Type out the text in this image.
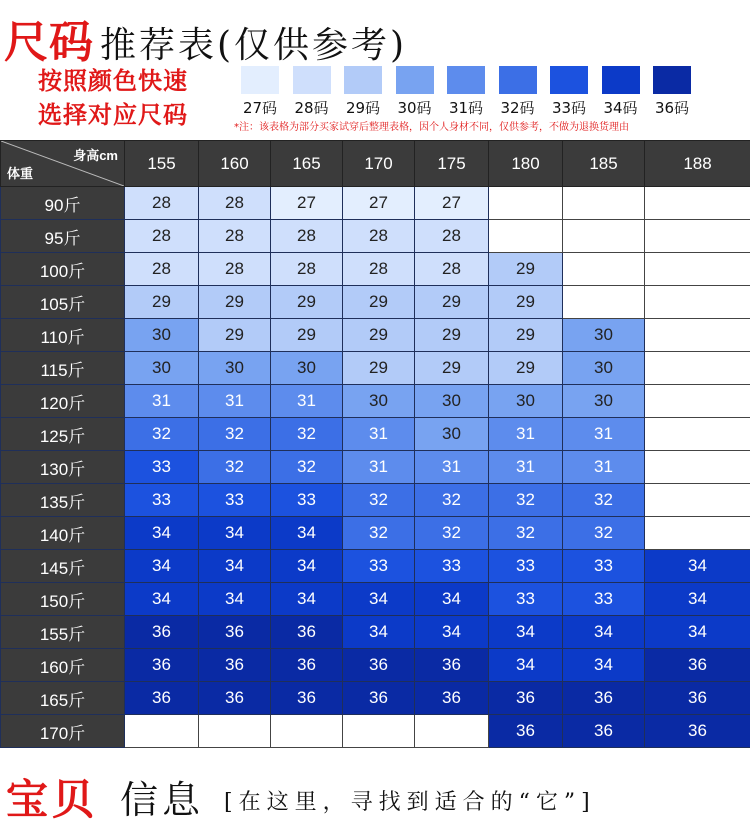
尺码 推荐表(仅供参考)
按照颜色快速
选择对应尺码	27码	28码	29码	30码	31码	32码	33码	34码	36码
*注：该表格为部分买家试穿后整理表格，因个人身材不同，仅供参考，不做为退换货理由
身高cm
体重	155	160	165	170	175	180	185	188
90斤	28	28	27	27	27			
95斤	28	28	28	28	28			
100斤	28	28	28	28	28	29		
105斤	29	29	29	29	29	29		
110斤	30	29	29	29	29	29	30	
115斤	30	30	30	29	29	29	30	
120斤	31	31	31	30	30	30	30	
125斤	32	32	32	31	30	31	31	
130斤	33	32	32	31	31	31	31	
135斤	33	33	33	32	32	32	32	
140斤	34	34	34	32	32	32	32	
145斤	34	34	34	33	33	33	33	34
150斤	34	34	34	34	34	33	33	34
155斤	36	36	36	34	34	34	34	34
160斤	36	36	36	36	36	34	34	36
165斤	36	36	36	36	36	36	36	36
170斤						36	36	36
宝贝 信息 [在这里，寻找到适合的“它”]
